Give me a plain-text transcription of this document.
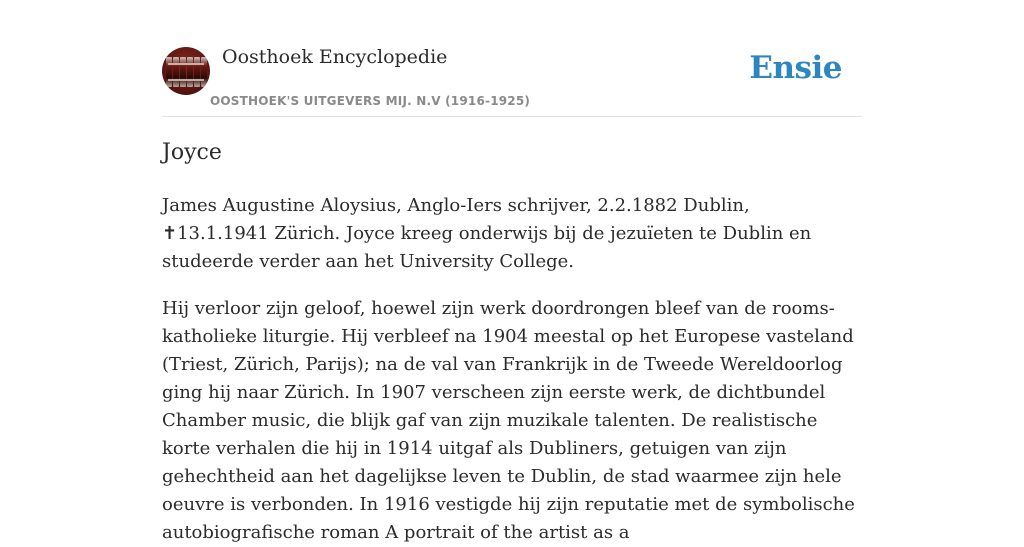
Oosthoek Encyclopedie
OOSTHOEK'S UITGEVERS MIJ. N.V (1916-1925)
Ensie
Joyce

James Augustine Aloysius, Anglo-Iers schrijver, 2.2.1882 Dublin, ✝13.1.1941 Zürich. Joyce kreeg onderwijs bij de jezuïeten te Dublin en studeerde verder aan het University College.

Hij verloor zijn geloof, hoewel zijn werk doordrongen bleef van de rooms-katholieke liturgie. Hij verbleef na 1904 meestal op het Europese vasteland (Triest, Zürich, Parijs); na de val van Frankrijk in de Tweede Wereldoorlog ging hij naar Zürich. In 1907 verscheen zijn eerste werk, de dichtbundel Chamber music, die blijk gaf van zijn muzikale talenten. De realistische korte verhalen die hij in 1914 uitgaf als Dubliners, getuigen van zijn gehechtheid aan het dagelijkse leven te Dublin, de stad waarmee zijn hele oeuvre is verbonden. In 1916 vestigde hij zijn reputatie met de symbolische autobiografische roman A portrait of the artist as a
